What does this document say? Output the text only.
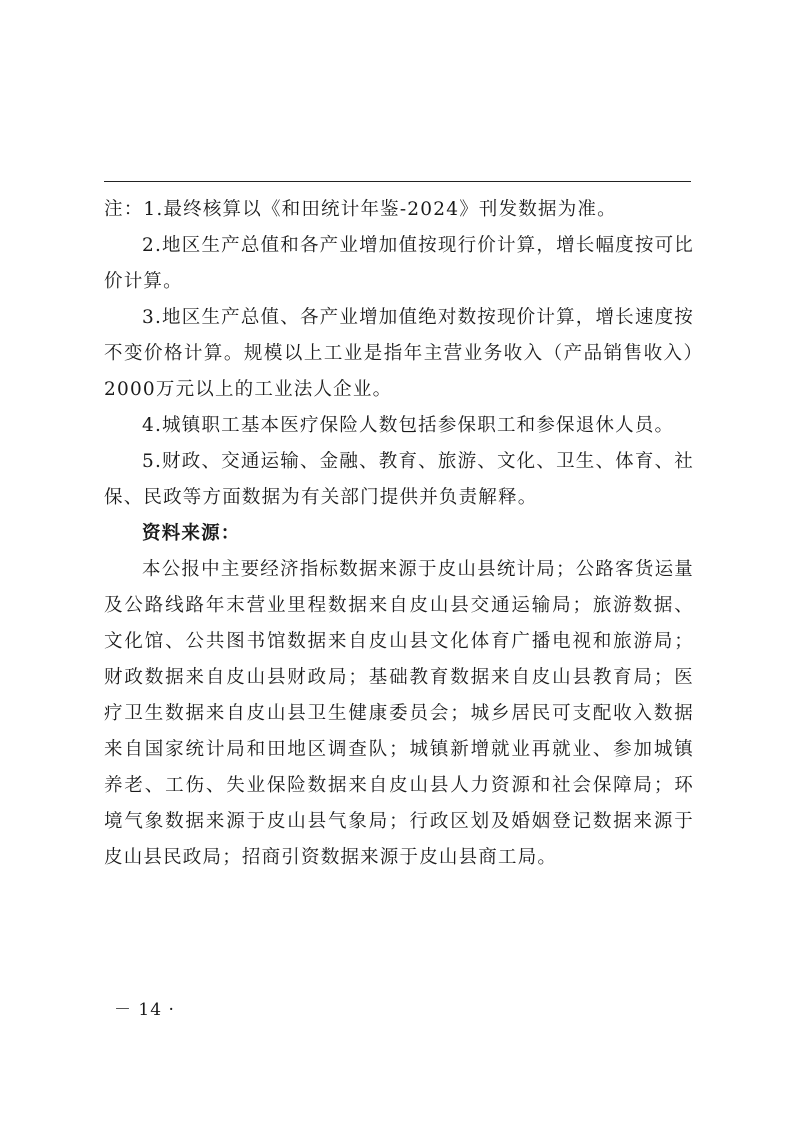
注：1.最终核算以《和田统计年鉴-2024》刊发数据为准。

2.地区生产总值和各产业增加值按现行价计算，增长幅度按可比价计算。

3.地区生产总值、各产业增加值绝对数按现价计算，增长速度按不变价格计算。规模以上工业是指年主营业务收入（产品销售收入）2000万元以上的工业法人企业。

4.城镇职工基本医疗保险人数包括参保职工和参保退休人员。

5.财政、交通运输、金融、教育、旅游、文化、卫生、体育、社保、民政等方面数据为有关部门提供并负责解释。

资料来源：

本公报中主要经济指标数据来源于皮山县统计局；公路客货运量及公路线路年末营业里程数据来自皮山县交通运输局；旅游数据、文化馆、公共图书馆数据来自皮山县文化体育广播电视和旅游局；财政数据来自皮山县财政局；基础教育数据来自皮山县教育局；医疗卫生数据来自皮山县卫生健康委员会；城乡居民可支配收入数据来自国家统计局和田地区调查队；城镇新增就业再就业、参加城镇养老、工伤、失业保险数据来自皮山县人力资源和社会保障局；环境气象数据来源于皮山县气象局；行政区划及婚姻登记数据来源于皮山县民政局；招商引资数据来源于皮山县商工局。

－ 14 ·
